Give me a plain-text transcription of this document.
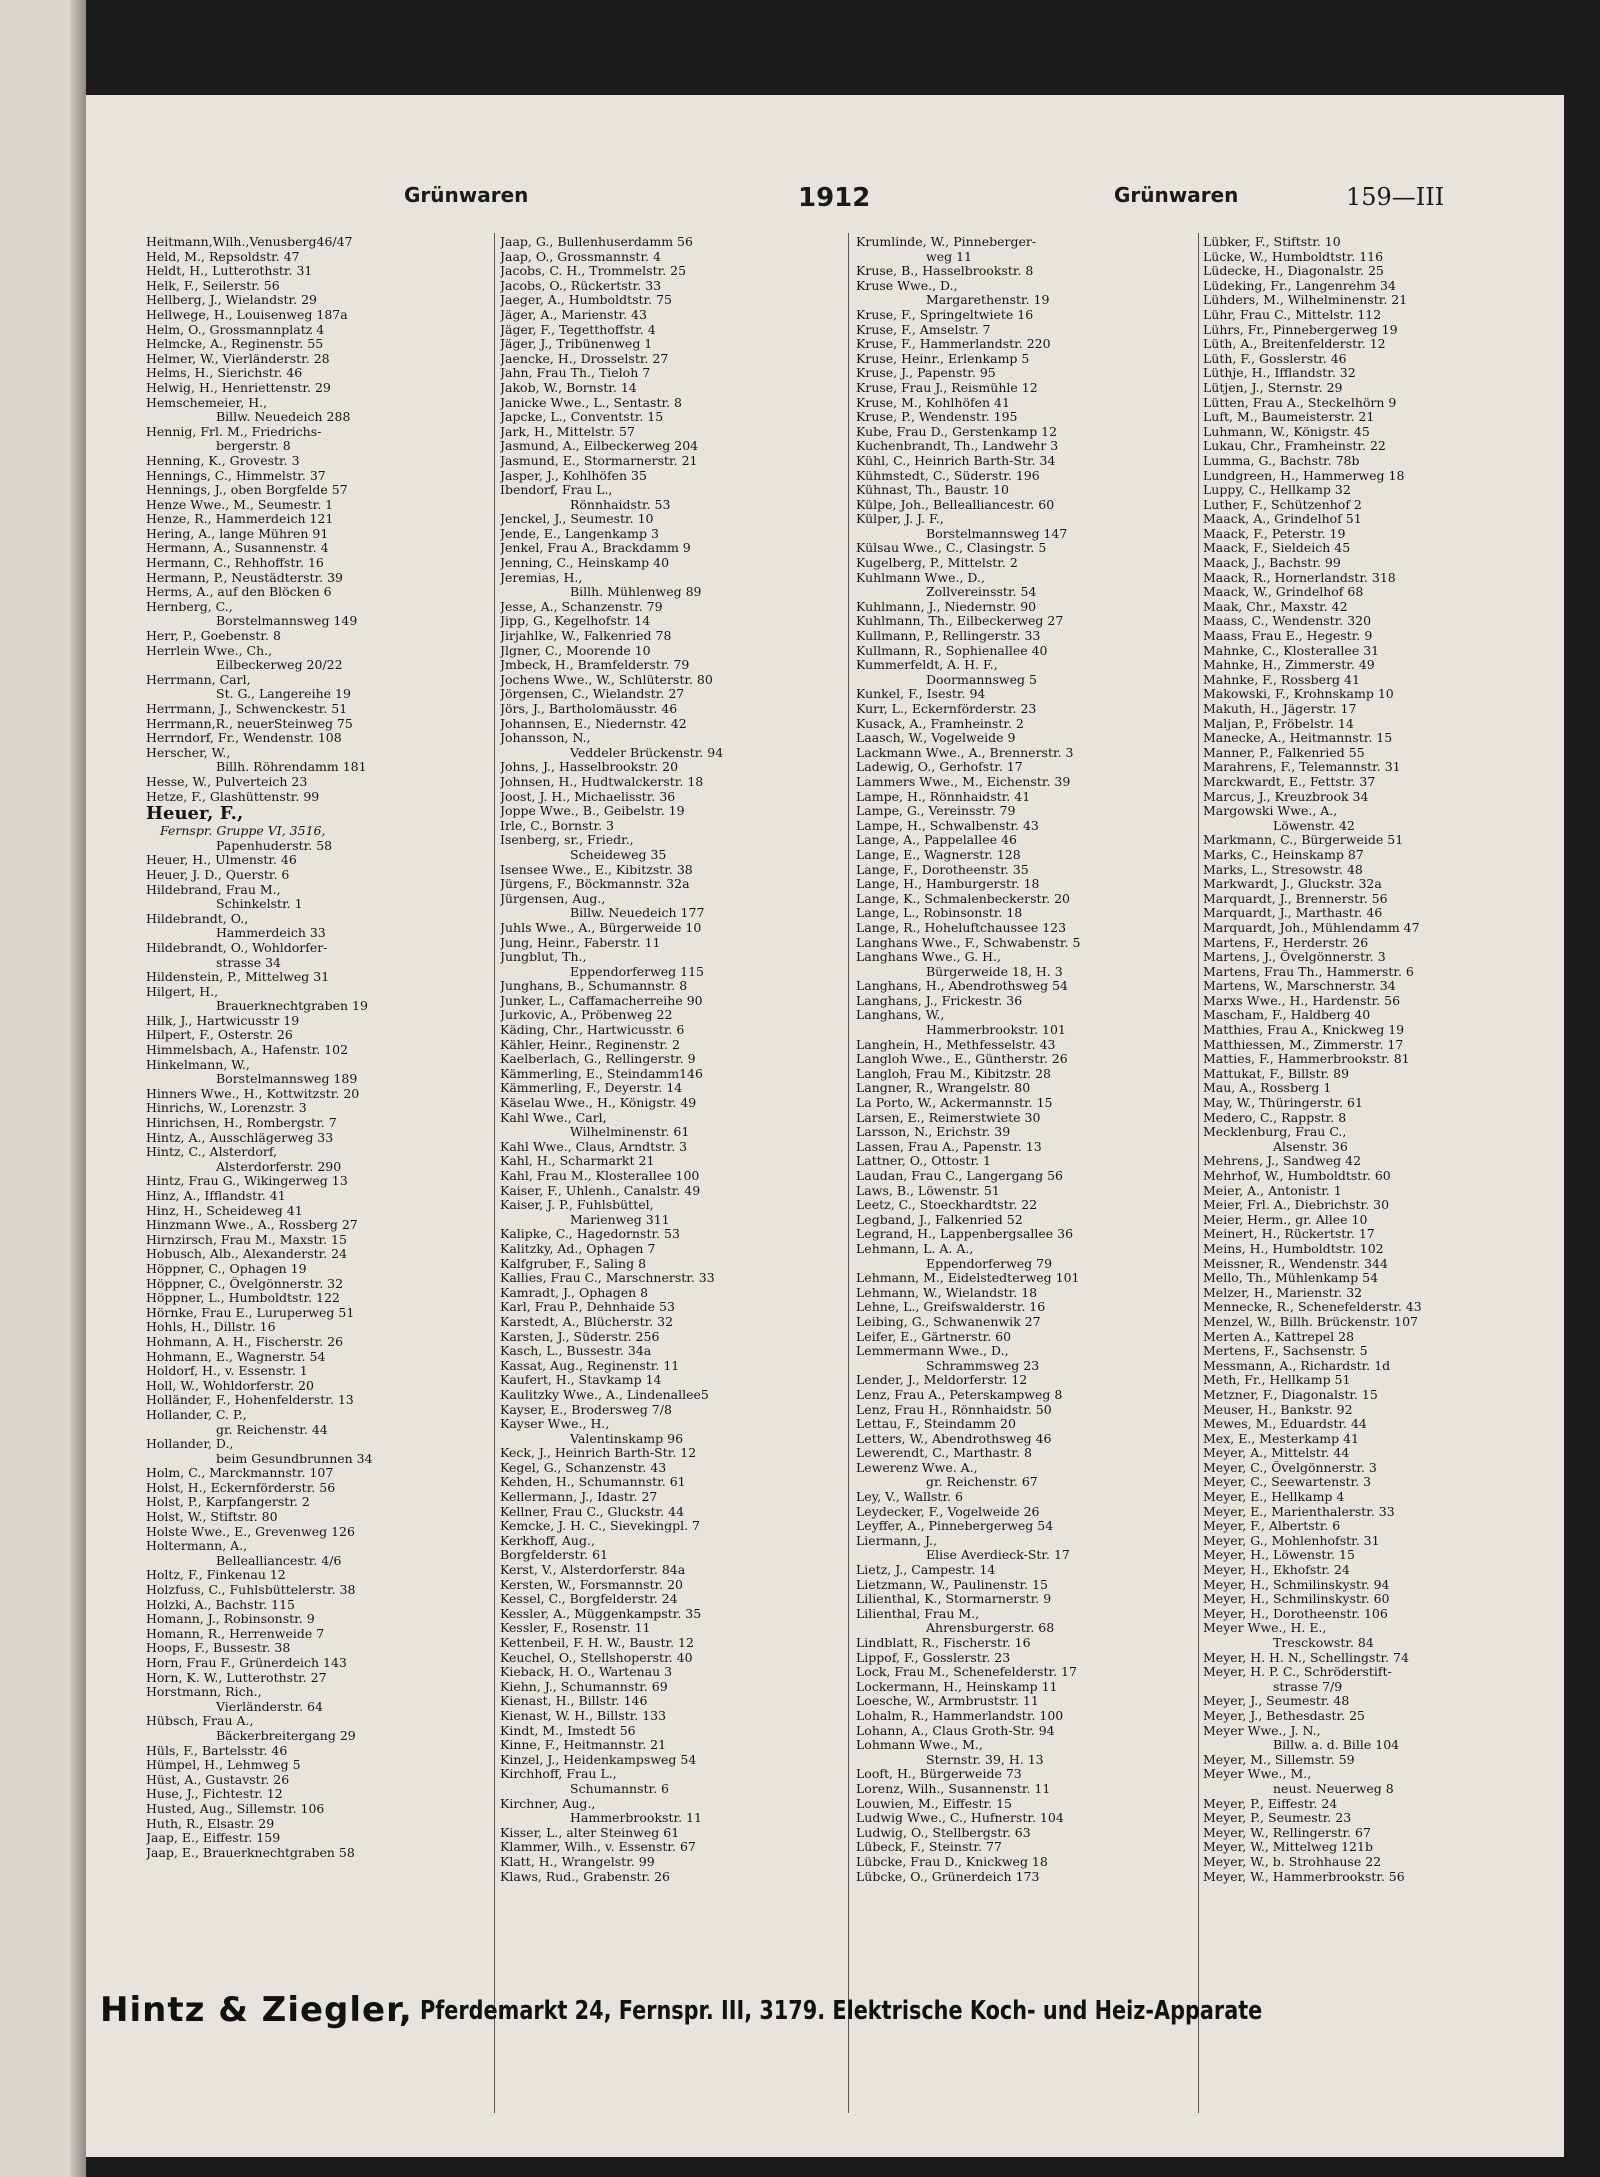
Grünwaren	1912	Grünwaren	159—III
Heitmann,Wilh.,Venusberg46/47
Held, M., Repsoldstr. 47
Heldt, H., Lutterothstr. 31
Helk, F., Seilerstr. 56
Hellberg, J., Wielandstr. 29
Hellwege, H., Louisenweg 187a
Helm, O., Grossmannplatz 4
Helmcke, A., Reginenstr. 55
Helmer, W., Vierländerstr. 28
Helms, H., Sierichstr. 46
Helwig, H., Henriettenstr. 29
Hemschemeier, H.,
Billw. Neuedeich 288
Hennig, Frl. M., Friedrichs-
bergerstr. 8
Henning, K., Grovestr. 3
Hennings, C., Himmelstr. 37
Hennings, J., oben Borgfelde 57
Henze Wwe., M., Seumestr. 1
Henze, R., Hammerdeich 121
Hering, A., lange Mühren 91
Hermann, A., Susannenstr. 4
Hermann, C., Rehhoffstr. 16
Hermann, P., Neustädterstr. 39
Herms, A., auf den Blöcken 6
Hernberg, C.,
Borstelmannsweg 149
Herr, P., Goebenstr. 8
Herrlein Wwe., Ch.,
Eilbeckerweg 20/22
Herrmann, Carl,
St. G., Langereihe 19
Herrmann, J., Schwenckestr. 51
Herrmann,R., neuerSteinweg 75
Herrndorf, Fr., Wendenstr. 108
Herscher, W.,
Billh. Röhrendamm 181
Hesse, W., Pulverteich 23
Hetze, F., Glashüttenstr. 99
Heuer, F.,
Fernspr. Gruppe VI, 3516,
Papenhuderstr. 58
Heuer, H., Ulmenstr. 46
Heuer, J. D., Querstr. 6
Hildebrand, Frau M.,
Schinkelstr. 1
Hildebrandt, O.,
Hammerdeich 33
Hildebrandt, O., Wohldorfer-
strasse 34
Hildenstein, P., Mittelweg 31
Hilgert, H.,
Brauerknechtgraben 19
Hilk, J., Hartwicusstr 19
Hilpert, F., Osterstr. 26
Himmelsbach, A., Hafenstr. 102
Hinkelmann, W.,
Borstelmannsweg 189
Hinners Wwe., H., Kottwitzstr. 20
Hinrichs, W., Lorenzstr. 3
Hinrichsen, H., Rombergstr. 7
Hintz, A., Ausschlägerweg 33
Hintz, C., Alsterdorf,
Alsterdorferstr. 290
Hintz, Frau G., Wikingerweg 13
Hinz, A., Ifflandstr. 41
Hinz, H., Scheideweg 41
Hinzmann Wwe., A., Rossberg 27
Hirnzirsch, Frau M., Maxstr. 15
Hobusch, Alb., Alexanderstr. 24
Höppner, C., Ophagen 19
Höppner, C., Övelgönnerstr. 32
Höppner, L., Humboldtstr. 122
Hörnke, Frau E., Luruperweg 51
Hohls, H., Dillstr. 16
Hohmann, A. H., Fischerstr. 26
Hohmann, E., Wagnerstr. 54
Holdorf, H., v. Essenstr. 1
Holl, W., Wohldorferstr. 20
Holländer, F., Hohenfelderstr. 13
Hollander, C. P.,
gr. Reichenstr. 44
Hollander, D.,
beim Gesundbrunnen 34
Holm, C., Marckmannstr. 107
Holst, H., Eckernförderstr. 56
Holst, P., Karpfangerstr. 2
Holst, W., Stiftstr. 80
Holste Wwe., E., Grevenweg 126
Holtermann, A.,
Bellealliancestr. 4/6
Holtz, F., Finkenau 12
Holzfuss, C., Fuhlsbüttelerstr. 38
Holzki, A., Bachstr. 115
Homann, J., Robinsonstr. 9
Homann, R., Herrenweide 7
Hoops, F., Bussestr. 38
Horn, Frau F., Grünerdeich 143
Horn, K. W., Lutterothstr. 27
Horstmann, Rich.,
Vierländerstr. 64
Hübsch, Frau A.,
Bäckerbreitergang 29
Hüls, F., Bartelsstr. 46
Hümpel, H., Lehmweg 5
Hüst, A., Gustavstr. 26
Huse, J., Fichtestr. 12
Husted, Aug., Sillemstr. 106
Huth, R., Elsastr. 29
Jaap, E., Eiffestr. 159
Jaap, E., Brauerknechtgraben 58
Jaap, G., Bullenhuserdamm 56
Jaap, O., Grossmannstr. 4
Jacobs, C. H., Trommelstr. 25
Jacobs, O., Rückertstr. 33
Jaeger, A., Humboldtstr. 75
Jäger, A., Marienstr. 43
Jäger, F., Tegetthoffstr. 4
Jäger, J., Tribünenweg 1
Jaencke, H., Drosselstr. 27
Jahn, Frau Th., Tieloh 7
Jakob, W., Bornstr. 14
Janicke Wwe., L., Sentastr. 8
Japcke, L., Conventstr. 15
Jark, H., Mittelstr. 57
Jasmund, A., Eilbeckerweg 204
Jasmund, E., Stormarnerstr. 21
Jasper, J., Kohlhöfen 35
Ibendorf, Frau L.,
Rönnhaidstr. 53
Jenckel, J., Seumestr. 10
Jende, E., Langenkamp 3
Jenkel, Frau A., Brackdamm 9
Jenning, C., Heinskamp 40
Jeremias, H.,
Billh. Mühlenweg 89
Jesse, A., Schanzenstr. 79
Jipp, G., Kegelhofstr. 14
Jirjahlke, W., Falkenried 78
Jlgner, C., Moorende 10
Jmbeck, H., Bramfelderstr. 79
Jochens Wwe., W., Schlüterstr. 80
Jörgensen, C., Wielandstr. 27
Jörs, J., Bartholomäusstr. 46
Johannsen, E., Niedernstr. 42
Johansson, N.,
Veddeler Brückenstr. 94
Johns, J., Hasselbrookstr. 20
Johnsen, H., Hudtwalckerstr. 18
Joost, J. H., Michaelisstr. 36
Joppe Wwe., B., Geibelstr. 19
Irle, C., Bornstr. 3
Isenberg, sr., Friedr.,
Scheideweg 35
Isensee Wwe., E., Kibitzstr. 38
Jürgens, F., Böckmannstr. 32a
Jürgensen, Aug.,
Billw. Neuedeich 177
Juhls Wwe., A., Bürgerweide 10
Jung, Heinr., Faberstr. 11
Jungblut, Th.,
Eppendorferweg 115
Junghans, B., Schumannstr. 8
Junker, L., Caffamacherreihe 90
Jurkovic, A., Pröbenweg 22
Käding, Chr., Hartwicusstr. 6
Kähler, Heinr., Reginenstr. 2
Kaelberlach, G., Rellingerstr. 9
Kämmerling, E., Steindamm146
Kämmerling, F., Deyerstr. 14
Käselau Wwe., H., Königstr. 49
Kahl Wwe., Carl,
Wilhelminenstr. 61
Kahl Wwe., Claus, Arndtstr. 3
Kahl, H., Scharmarkt 21
Kahl, Frau M., Klosterallee 100
Kaiser, F., Uhlenh., Canalstr. 49
Kaiser, J. P., Fuhlsbüttel,
Marienweg 311
Kalipke, C., Hagedornstr. 53
Kalitzky, Ad., Ophagen 7
Kalfgruber, F., Saling 8
Kallies, Frau C., Marschnerstr. 33
Kamradt, J., Ophagen 8
Karl, Frau P., Dehnhaide 53
Karstedt, A., Blücherstr. 32
Karsten, J., Süderstr. 256
Kasch, L., Bussestr. 34a
Kassat, Aug., Reginenstr. 11
Kaufert, H., Stavkamp 14
Kaulitzky Wwe., A., Lindenallee5
Kayser, E., Brodersweg 7/8
Kayser Wwe., H.,
Valentinskamp 96
Keck, J., Heinrich Barth-Str. 12
Kegel, G., Schanzenstr. 43
Kehden, H., Schumannstr. 61
Kellermann, J., Idastr. 27
Kellner, Frau C., Gluckstr. 44
Kemcke, J. H. C., Sievekingpl. 7
Kerkhoff, Aug.,
Borgfelderstr. 61
Kerst, V., Alsterdorferstr. 84a
Kersten, W., Forsmannstr. 20
Kessel, C., Borgfelderstr. 24
Kessler, A., Müggenkampstr. 35
Kessler, F., Rosenstr. 11
Kettenbeil, F. H. W., Baustr. 12
Keuchel, O., Stellshoperstr. 40
Kieback, H. O., Wartenau 3
Kiehn, J., Schumannstr. 69
Kienast, H., Billstr. 146
Kienast, W. H., Billstr. 133
Kindt, M., Imstedt 56
Kinne, F., Heitmannstr. 21
Kinzel, J., Heidenkampsweg 54
Kirchhoff, Frau L.,
Schumannstr. 6
Kirchner, Aug.,
Hammerbrookstr. 11
Kisser, L., alter Steinweg 61
Klammer, Wilh., v. Essenstr. 67
Klatt, H., Wrangelstr. 99
Klaws, Rud., Grabenstr. 26
Krumlinde, W., Pinneberger-
weg 11
Kruse, B., Hasselbrookstr. 8
Kruse Wwe., D.,
Margarethenstr. 19
Kruse, F., Springeltwiete 16
Kruse, F., Amselstr. 7
Kruse, F., Hammerlandstr. 220
Kruse, Heinr., Erlenkamp 5
Kruse, J., Papenstr. 95
Kruse, Frau J., Reismühle 12
Kruse, M., Kohlhöfen 41
Kruse, P., Wendenstr. 195
Kube, Frau D., Gerstenkamp 12
Kuchenbrandt, Th., Landwehr 3
Kühl, C., Heinrich Barth-Str. 34
Kühmstedt, C., Süderstr. 196
Kühnast, Th., Baustr. 10
Külpe, Joh., Bellealliancestr. 60
Külper, J. J. F.,
Borstelmannsweg 147
Külsau Wwe., C., Clasingstr. 5
Kugelberg, P., Mittelstr. 2
Kuhlmann Wwe., D.,
Zollvereinsstr. 54
Kuhlmann, J., Niedernstr. 90
Kuhlmann, Th., Eilbeckerweg 27
Kullmann, P., Rellingerstr. 33
Kullmann, R., Sophienallee 40
Kummerfeldt, A. H. F.,
Doormannsweg 5
Kunkel, F., Isestr. 94
Kurr, L., Eckernförderstr. 23
Kusack, A., Framheinstr. 2
Laasch, W., Vogelweide 9
Lackmann Wwe., A., Brennerstr. 3
Ladewig, O., Gerhofstr. 17
Lammers Wwe., M., Eichenstr. 39
Lampe, H., Rönnhaidstr. 41
Lampe, G., Vereinsstr. 79
Lampe, H., Schwalbenstr. 43
Lange, A., Pappelallee 46
Lange, E., Wagnerstr. 128
Lange, F., Dorotheenstr. 35
Lange, H., Hamburgerstr. 18
Lange, K., Schmalenbeckerstr. 20
Lange, L., Robinsonstr. 18
Lange, R., Hoheluftchaussee 123
Langhans Wwe., F., Schwabenstr. 5
Langhans Wwe., G. H.,
Bürgerweide 18, H. 3
Langhans, H., Abendrothsweg 54
Langhans, J., Frickestr. 36
Langhans, W.,
Hammerbrookstr. 101
Langhein, H., Methfesselstr. 43
Langloh Wwe., E., Güntherstr. 26
Langloh, Frau M., Kibitzstr. 28
Langner, R., Wrangelstr. 80
La Porto, W., Ackermannstr. 15
Larsen, E., Reimerstwiete 30
Larsson, N., Erichstr. 39
Lassen, Frau A., Papenstr. 13
Lattner, O., Ottostr. 1
Laudan, Frau C., Langergang 56
Laws, B., Löwenstr. 51
Leetz, C., Stoeckhardtstr. 22
Legband, J., Falkenried 52
Legrand, H., Lappenbergsallee 36
Lehmann, L. A. A.,
Eppendorferweg 79
Lehmann, M., Eidelstedterweg 101
Lehmann, W., Wielandstr. 18
Lehne, L., Greifswalderstr. 16
Leibing, G., Schwanenwik 27
Leifer, E., Gärtnerstr. 60
Lemmermann Wwe., D.,
Schrammsweg 23
Lender, J., Meldorferstr. 12
Lenz, Frau A., Peterskampweg 8
Lenz, Frau H., Rönnhaidstr. 50
Lettau, F., Steindamm 20
Letters, W., Abendrothsweg 46
Lewerendt, C., Marthastr. 8
Lewerenz Wwe. A.,
gr. Reichenstr. 67
Ley, V., Wallstr. 6
Leydecker, F., Vogelweide 26
Leyffer, A., Pinnebergerweg 54
Liermann, J.,
Elise Averdieck-Str. 17
Lietz, J., Campestr. 14
Lietzmann, W., Paulinenstr. 15
Lilienthal, K., Stormarnerstr. 9
Lilienthal, Frau M.,
Ahrensburgerstr. 68
Lindblatt, R., Fischerstr. 16
Lippof, F., Gosslerstr. 23
Lock, Frau M., Schenefelderstr. 17
Lockermann, H., Heinskamp 11
Loesche, W., Armbruststr. 11
Lohalm, R., Hammerlandstr. 100
Lohann, A., Claus Groth-Str. 94
Lohmann Wwe., M.,
Sternstr. 39, H. 13
Looft, H., Bürgerweide 73
Lorenz, Wilh., Susannenstr. 11
Louwien, M., Eiffestr. 15
Ludwig Wwe., C., Hufnerstr. 104
Ludwig, O., Stellbergstr. 63
Lübeck, F., Steinstr. 77
Lübcke, Frau D., Knickweg 18
Lübcke, O., Grünerdeich 173
Lübker, F., Stiftstr. 10
Lücke, W., Humboldtstr. 116
Lüdecke, H., Diagonalstr. 25
Lüdeking, Fr., Langenrehm 34
Lühders, M., Wilhelminenstr. 21
Lühr, Frau C., Mittelstr. 112
Lührs, Fr., Pinnebergerweg 19
Lüth, A., Breitenfelderstr. 12
Lüth, F., Gosslerstr. 46
Lüthje, H., Ifflandstr. 32
Lütjen, J., Sternstr. 29
Lütten, Frau A., Steckelhörn 9
Luft, M., Baumeisterstr. 21
Luhmann, W., Königstr. 45
Lukau, Chr., Framheinstr. 22
Lumma, G., Bachstr. 78b
Lundgreen, H., Hammerweg 18
Luppy, C., Hellkamp 32
Luther, F., Schützenhof 2
Maack, A., Grindelhof 51
Maack, F., Peterstr. 19
Maack, F., Sieldeich 45
Maack, J., Bachstr. 99
Maack, R., Hornerlandstr. 318
Maack, W., Grindelhof 68
Maak, Chr., Maxstr. 42
Maass, C., Wendenstr. 320
Maass, Frau E., Hegestr. 9
Mahnke, C., Klosterallee 31
Mahnke, H., Zimmerstr. 49
Mahnke, F., Rossberg 41
Makowski, F., Krohnskamp 10
Makuth, H., Jägerstr. 17
Maljan, P., Fröbelstr. 14
Manecke, A., Heitmannstr. 15
Manner, P., Falkenried 55
Marahrens, F., Telemannstr. 31
Marckwardt, E., Fettstr. 37
Marcus, J., Kreuzbrook 34
Margowski Wwe., A.,
Löwenstr. 42
Markmann, C., Bürgerweide 51
Marks, C., Heinskamp 87
Marks, L., Stresowstr. 48
Markwardt, J., Gluckstr. 32a
Marquardt, J., Brennerstr. 56
Marquardt, J., Marthastr. 46
Marquardt, Joh., Mühlendamm 47
Martens, F., Herderstr. 26
Martens, J., Övelgönnerstr. 3
Martens, Frau Th., Hammerstr. 6
Martens, W., Marschnerstr. 34
Marxs Wwe., H., Hardenstr. 56
Mascham, F., Haldberg 40
Matthies, Frau A., Knickweg 19
Matthiessen, M., Zimmerstr. 17
Matties, F., Hammerbrookstr. 81
Mattukat, F., Billstr. 89
Mau, A., Rossberg 1
May, W., Thüringerstr. 61
Medero, C., Rappstr. 8
Mecklenburg, Frau C.,
Alsenstr. 36
Mehrens, J., Sandweg 42
Mehrhof, W., Humboldtstr. 60
Meier, A., Antonistr. 1
Meier, Frl. A., Diebrichstr. 30
Meier, Herm., gr. Allee 10
Meinert, H., Rückertstr. 17
Meins, H., Humboldtstr. 102
Meissner, R., Wendenstr. 344
Mello, Th., Mühlenkamp 54
Melzer, H., Marienstr. 32
Mennecke, R., Schenefelderstr. 43
Menzel, W., Billh. Brückenstr. 107
Merten A., Kattrepel 28
Mertens, F., Sachsenstr. 5
Messmann, A., Richardstr. 1d
Meth, Fr., Hellkamp 51
Metzner, F., Diagonalstr. 15
Meuser, H., Bankstr. 92
Mewes, M., Eduardstr. 44
Mex, E., Mesterkamp 41
Meyer, A., Mittelstr. 44
Meyer, C., Övelgönnerstr. 3
Meyer, C., Seewartenstr. 3
Meyer, E., Hellkamp 4
Meyer, E., Marienthalerstr. 33
Meyer, F., Albertstr. 6
Meyer, G., Mohlenhofstr. 31
Meyer, H., Löwenstr. 15
Meyer, H., Ekhofstr. 24
Meyer, H., Schmilinskystr. 94
Meyer, H., Schmilinskystr. 60
Meyer, H., Dorotheenstr. 106
Meyer Wwe., H. E.,
Tresckowstr. 84
Meyer, H. H. N., Schellingstr. 74
Meyer, H. P. C., Schröderstift-
strasse 7/9
Meyer, J., Seumestr. 48
Meyer, J., Bethesdastr. 25
Meyer Wwe., J. N.,
Billw. a. d. Bille 104
Meyer, M., Sillemstr. 59
Meyer Wwe., M.,
neust. Neuerweg 8
Meyer, P., Eiffestr. 24
Meyer, P., Seumestr. 23
Meyer, W., Rellingerstr. 67
Meyer, W., Mittelweg 121b
Meyer, W., b. Strohhause 22
Meyer, W., Hammerbrookstr. 56
Hintz & Ziegler, Pferdemarkt 24, Fernspr. III, 3179. Elektrische Koch- und Heiz-Apparate
